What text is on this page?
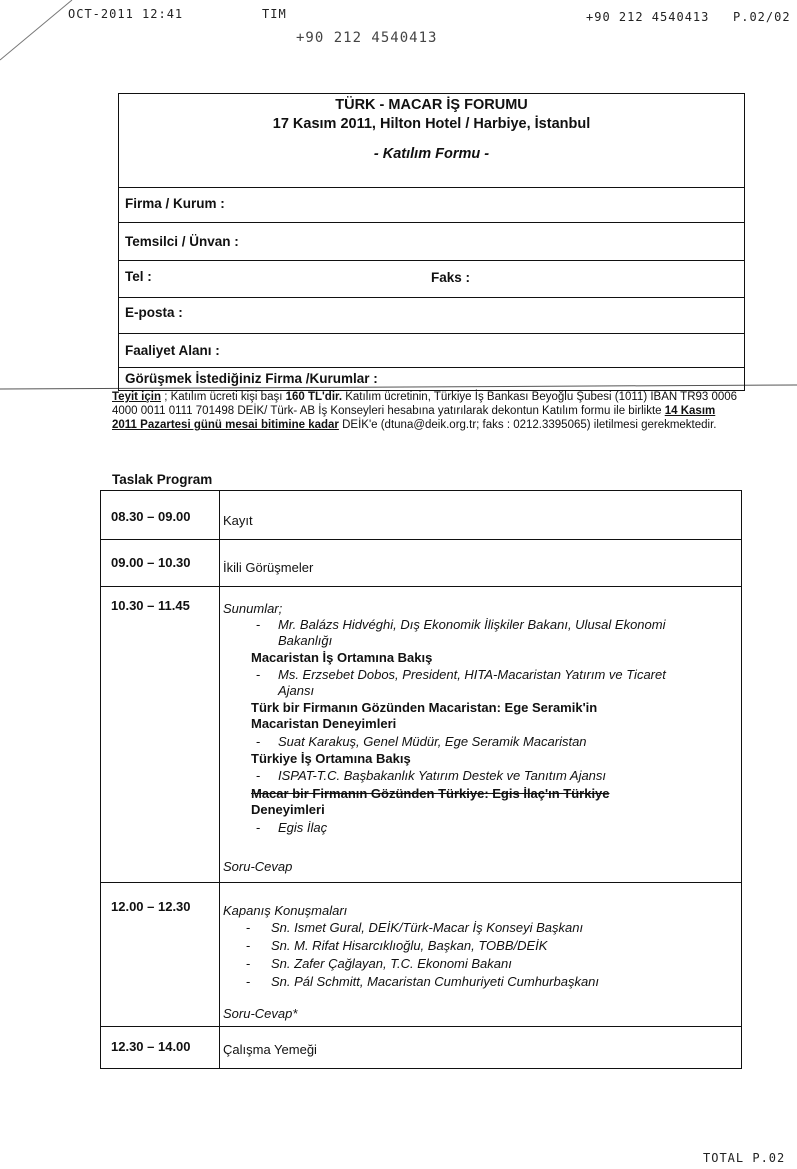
OCT-2011 12:41	TIM	+90 212 4540413 P.02/02
+90 212 4540413
TÜRK - MACAR İŞ FORUMU
17 Kasım 2011, Hilton Hotel / Harbiye, İstanbul
- Katılım Formu -
Firma / Kurum :
Temsilci / Ünvan :
Tel :	Faks :
E-posta :
Faaliyet Alanı :
Görüşmek İstediğiniz Firma /Kurumlar :
Teyit için ; Katılım ücreti kişi başı 160 TL'dir. Katılım ücretinin, Türkiye İş Bankası Beyoğlu Şubesi (1011) IBAN TR93 0006 4000 0011 0111 701498 DEİK/ Türk- AB İş Konseyleri hesabına yatırılarak dekontun Katılım formu ile birlikte 14 Kasım 2011 Pazartesi günü mesai bitimine kadar DEİK'e (dtuna@deik.org.tr; faks : 0212.3395065) iletilmesi gerekmektedir.
Taslak Program
08.30 – 09.00 Kayıt
09.00 – 10.30 İkili Görüşmeler
10.30 – 11.45	Sunumlar;
- Mr. Balázs Hidvéghi, Dış Ekonomik İlişkiler Bakanı, Ulusal Ekonomi
Bakanlığı
Macaristan İş Ortamına Bakış
- Ms. Erzsebet Dobos, President, HITA-Macaristan Yatırım ve Ticaret
Ajansı
Türk bir Firmanın Gözünden Macaristan: Ege Seramik'in
Macaristan Deneyimleri
- Suat Karakuş, Genel Müdür, Ege Seramik Macaristan
Türkiye İş Ortamına Bakış
- ISPAT-T.C. Başbakanlık Yatırım Destek ve Tanıtım Ajansı
Macar bir Firmanın Gözünden Türkiye: Egis İlaç'ın Türkiye
Deneyimleri
- Egis İlaç
Soru-Cevap
12.00 – 12.30 Kapanış Konuşmaları
- Sn. Ismet Gural, DEİK/Türk-Macar İş Konseyi Başkanı
- Sn. M. Rifat Hisarcıklıoğlu, Başkan, TOBB/DEİK
- Sn. Zafer Çağlayan, T.C. Ekonomi Bakanı
- Sn. Pál Schmitt, Macaristan Cumhuriyeti Cumhurbaşkanı
Soru-Cevap*
12.30 – 14.00 Çalışma Yemeği
TOTAL P.02
